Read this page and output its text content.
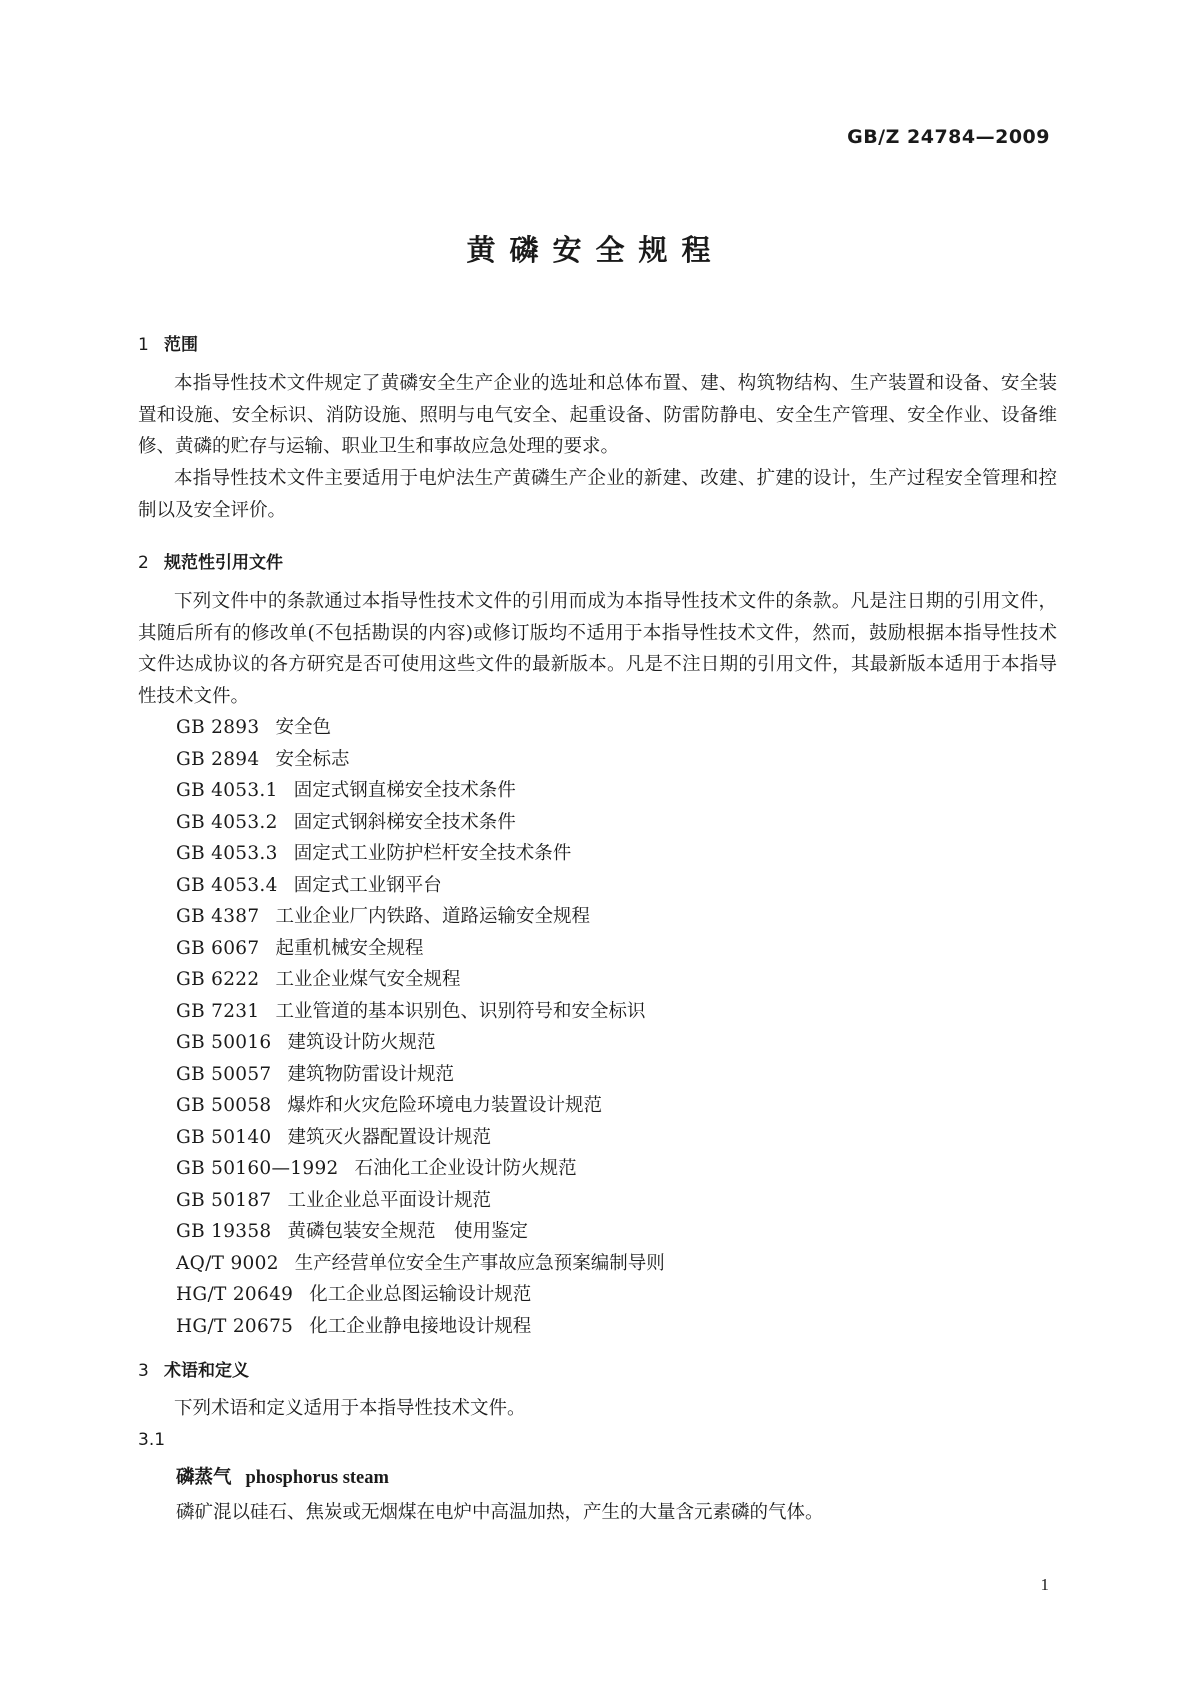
GB/Z 24784—2009
黄磷安全规程
1 范围

本指导性技术文件规定了黄磷安全生产企业的选址和总体布置、建、构筑物结构、生产装置和设备、安全装置和设施、安全标识、消防设施、照明与电气安全、起重设备、防雷防静电、安全生产管理、安全作业、设备维修、黄磷的贮存与运输、职业卫生和事故应急处理的要求。

本指导性技术文件主要适用于电炉法生产黄磷生产企业的新建、改建、扩建的设计，生产过程安全管理和控制以及安全评价。

2 规范性引用文件

下列文件中的条款通过本指导性技术文件的引用而成为本指导性技术文件的条款。凡是注日期的引用文件，其随后所有的修改单(不包括勘误的内容)或修订版均不适用于本指导性技术文件，然而，鼓励根据本指导性技术文件达成协议的各方研究是否可使用这些文件的最新版本。凡是不注日期的引用文件，其最新版本适用于本指导性技术文件。

GB 2893 安全色
GB 2894 安全标志
GB 4053.1 固定式钢直梯安全技术条件
GB 4053.2 固定式钢斜梯安全技术条件
GB 4053.3 固定式工业防护栏杆安全技术条件
GB 4053.4 固定式工业钢平台
GB 4387 工业企业厂内铁路、道路运输安全规程
GB 6067 起重机械安全规程
GB 6222 工业企业煤气安全规程
GB 7231 工业管道的基本识别色、识别符号和安全标识
GB 50016 建筑设计防火规范
GB 50057 建筑物防雷设计规范
GB 50058 爆炸和火灾危险环境电力装置设计规范
GB 50140 建筑灭火器配置设计规范
GB 50160—1992 石油化工企业设计防火规范
GB 50187 工业企业总平面设计规范
GB 19358 黄磷包装安全规范　使用鉴定
AQ/T 9002 生产经营单位安全生产事故应急预案编制导则
HG/T 20649 化工企业总图运输设计规范
HG/T 20675 化工企业静电接地设计规程
3 术语和定义

下列术语和定义适用于本指导性技术文件。

3.1
磷蒸气 phosphorus steam
磷矿混以硅石、焦炭或无烟煤在电炉中高温加热，产生的大量含元素磷的气体。
1
